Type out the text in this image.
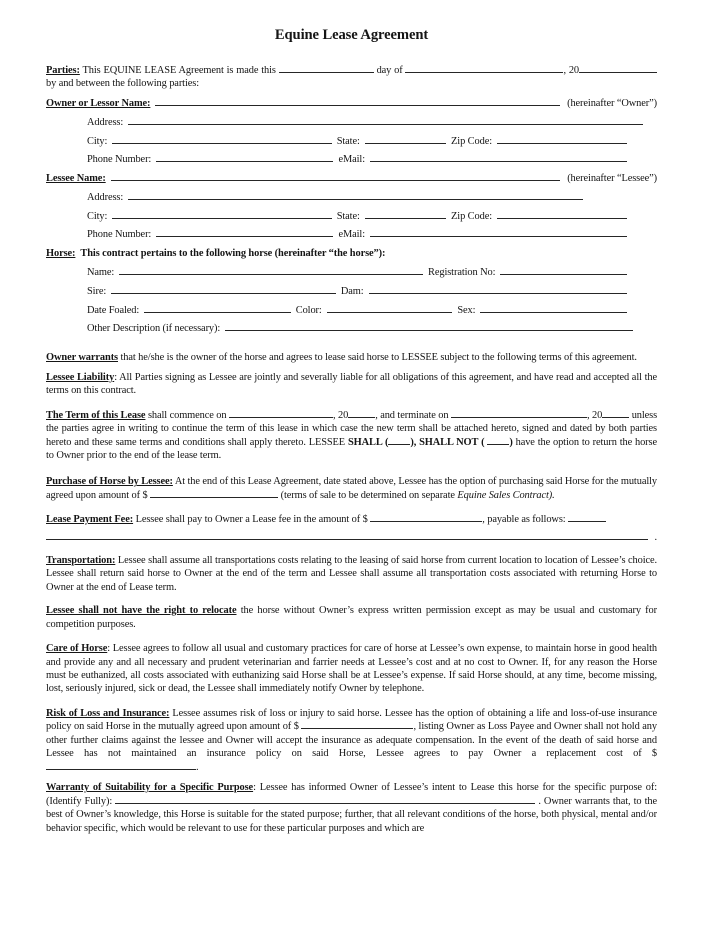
Equine Lease Agreement

Parties: This EQUINE LEASE Agreement is made this	day of	, 20 by and between the following parties:

Owner or Lessor Name:	(hereinafter “Owner”)
Address:
City:	State:	Zip Code:
Phone Number:	eMail:
Lessee Name:	(hereinafter “Lessee”)
Address:
City:	State:	Zip Code:
Phone Number:	eMail:
Horse: This contract pertains to the following horse (hereinafter “the horse”):
Name:	Registration No:
Sire:	Dam:
Date Foaled:	Color:	Sex:
Other Description (if necessary):

Owner warrants that he/she is the owner of the horse and agrees to lease said horse to LESSEE subject to the following terms of this agreement.

Lessee Liability: All Parties signing as Lessee are jointly and severally liable for all obligations of this agreement, and have read and accepted all the terms on this contract.

The Term of this Lease shall commence on	, 20	, and terminate on	, 20	unless the parties agree in writing to continue the term of this lease in which case the new term shall be attached hereto, signed and dated by both parties hereto and these same terms and conditions shall apply thereto. LESSEE SHALL ( ), SHALL NOT ( ) have the option to return the horse to Owner prior to the end of the lease term.

Purchase of Horse by Lessee: At the end of this Lease Agreement, date stated above, Lessee has the option of purchasing said Horse for the mutually agreed upon amount of $	(terms of sale to be determined on separate Equine Sales Contract).

Lease Payment Fee: Lessee shall pay to Owner a Lease fee in the amount of $	, payable as follows:

.

Transportation: Lessee shall assume all transportations costs relating to the leasing of said horse from current location to location of Lessee’s choice. Lessee shall return said horse to Owner at the end of the term and Lessee shall assume all transportation costs associated with returning Horse to Owner at the end of Lease term.

Lessee shall not have the right to relocate the horse without Owner’s express written permission except as may be usual and customary for competition purposes.

Care of Horse: Lessee agrees to follow all usual and customary practices for care of horse at Lessee’s own expense, to maintain horse in good health and provide any and all necessary and prudent veterinarian and farrier needs at Lessee’s cost and at no cost to Owner. If, for any reason the Horse must be euthanized, all costs associated with euthanizing said Horse shall be at Lessee’s expense. If said Horse should, at any time, become missing, lost, seriously injured, sick or dead, the Lessee shall immediately notify Owner by telephone.

Risk of Loss and Insurance: Lessee assumes risk of loss or injury to said horse. Lessee has the option of obtaining a life and loss-of-use insurance policy on said Horse in the mutually agreed upon amount of $	, listing Owner as Loss Payee and Owner shall not hold any other further claims against the lessee and Owner will accept the insurance as adequate compensation. In the event of the death of said horse and Lessee has not maintained an insurance policy on said Horse, Lessee agrees to pay Owner a replacement cost of $ .

Warranty of Suitability for a Specific Purpose: Lessee has informed Owner of Lessee’s intent to Lease this horse for the specific purpose of: (Identify Fully):	. Owner warrants that, to the best of Owner’s knowledge, this Horse is suitable for the stated purpose; further, that all relevant conditions of the horse, both physical, mental and/or behavior specific, which would be relevant to use for these particular purposes and which are
